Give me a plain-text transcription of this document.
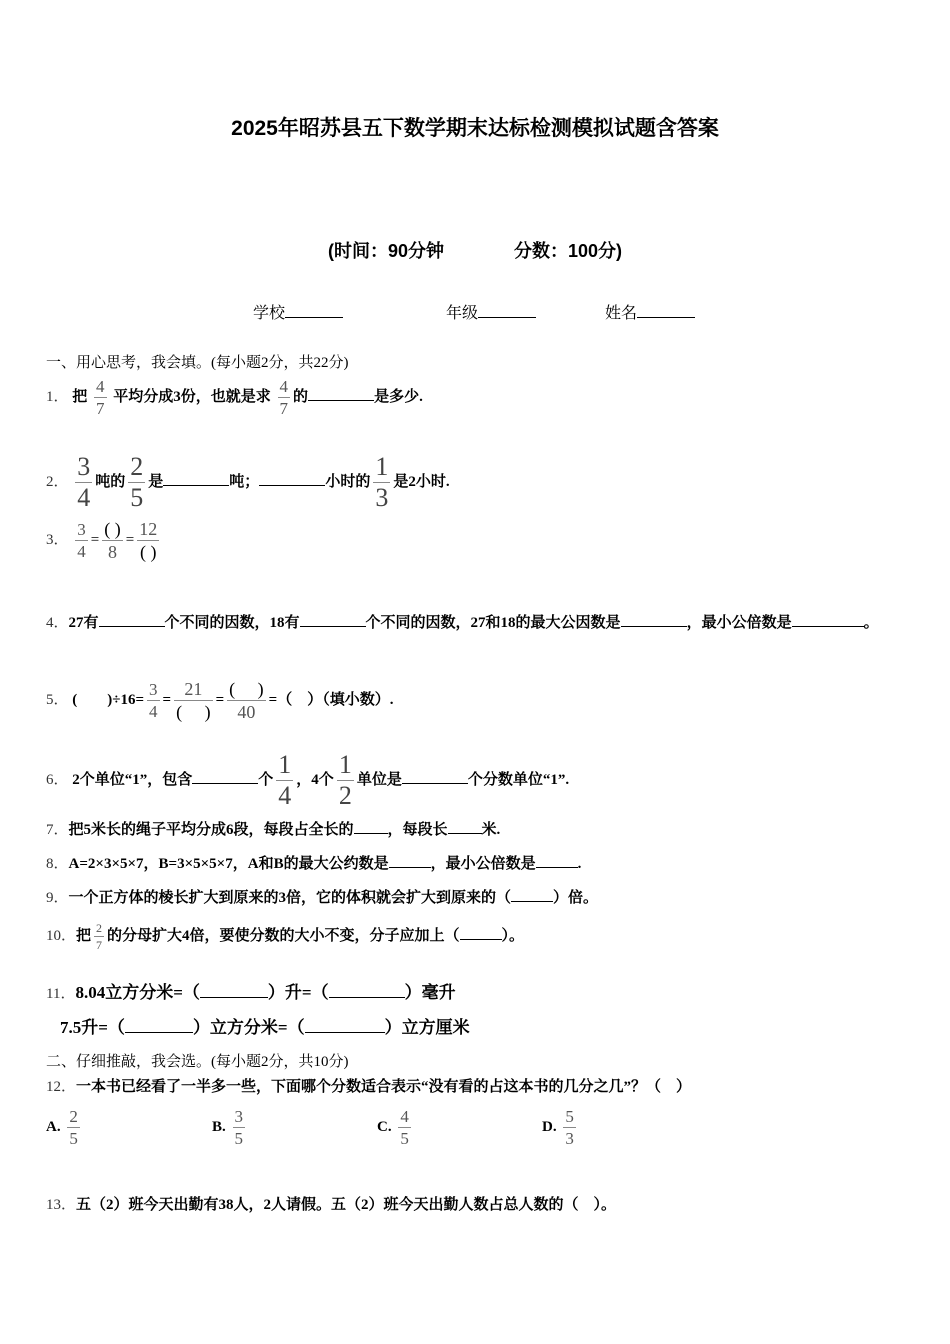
2025年昭苏县五下数学期末达标检测模拟试题含答案
(时间：90分钟	分数：100分)
学校	年级	姓名
一、用心思考，我会填。(每小题2分，共22分)
1． 把 $\frac{4}{7}$ 平均分成3份，也就是求 $\frac{4}{7}$ 的	是多少.
2． $\frac{3}{4}$ 吨的 $\frac{2}{5}$ 是	吨；	小时的 $\frac{1}{3}$ 是2小时.
3． $\frac{3}{4} = \frac{( )}{8} = \frac{12}{( )}$
4．27有	个不同的因数，18有	个不同的因数，27和18的最大公因数是	，最小公倍数是	。
5． (　　)$\div 16= \frac{3}{4} = \frac{21}{( )} = \frac{( )}{40}$ =（　）（填小数）.
6． 2个单位“1”，包含	个 $\frac{1}{4}$ ，4个 $\frac{1}{2}$ 单位是	个分数单位“1”.
7．把5米长的绳子平均分成6段，每段占全长的 ，每段长 米.
8．A=2×3×5×7，B=3×5×5×7，A和B的最大公约数是	，最小公倍数是	.
9．一个正方体的棱长扩大到原来的3倍，它的体积就会扩大到原来的（	）倍。
10．把 $\frac{2}{7}$ 的分母扩大4倍，要使分数的大小不变，分子应加上（	）。
11．8.04立方分米=（	）升=（	）毫升
7.5升=（	）立方分米=（	）立方厘米
二、仔细推敲，我会选。(每小题2分，共10分)
12．一本书已经看了一半多一些，下面哪个分数适合表示“没有看的占这本书的几分之几”？（　）
A. $\frac{2}{5}$	B. $\frac{3}{5}$	C. $\frac{4}{5}$	D. $\frac{5}{3}$
13．五（2）班今天出勤有38人，2人请假。五（2）班今天出勤人数占总人数的（　）。
